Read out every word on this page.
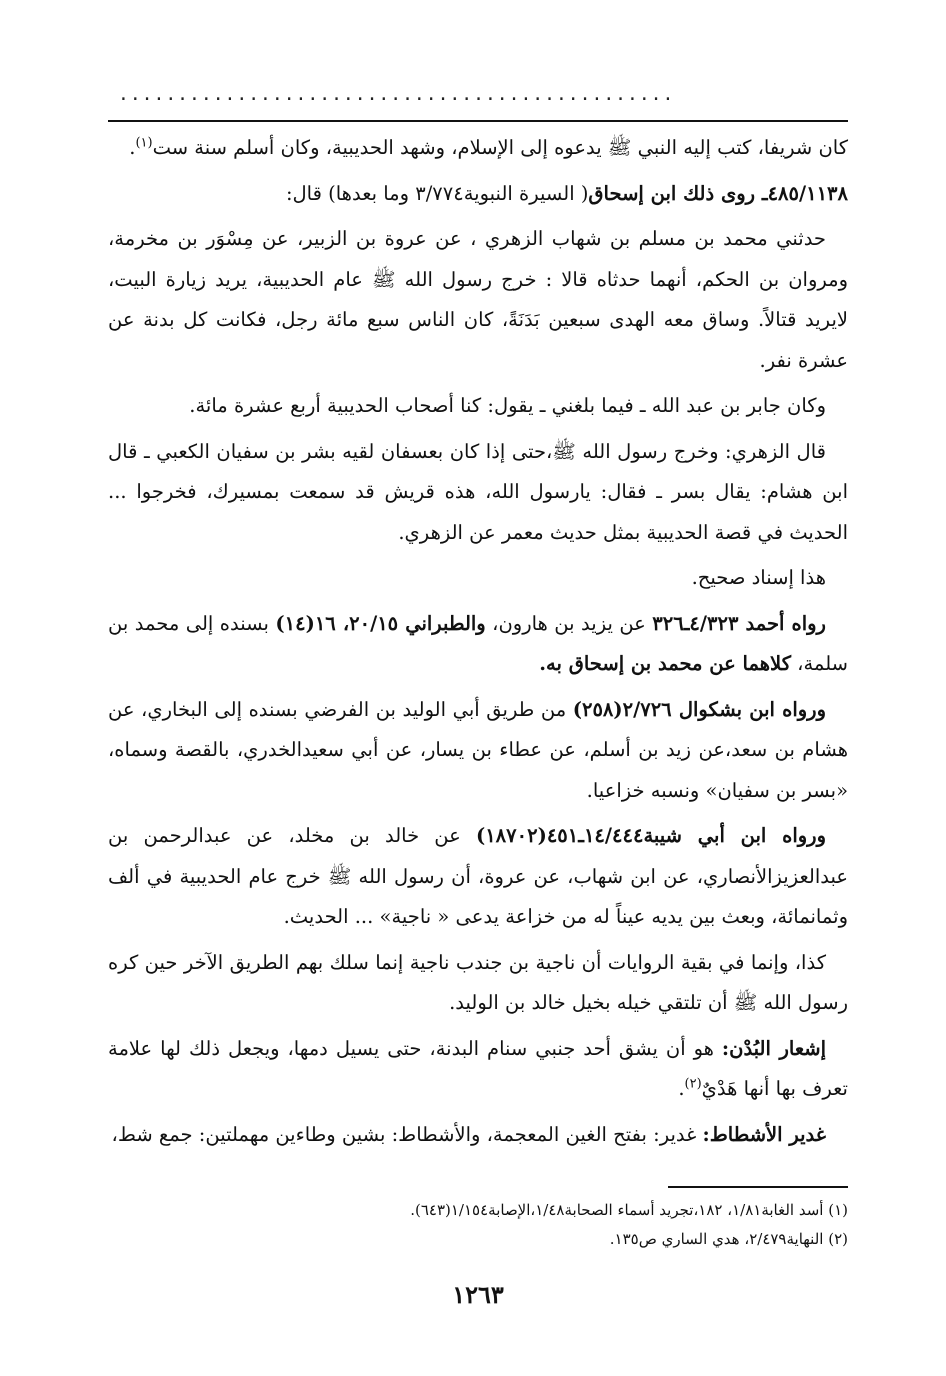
...............................................

كان شريفا، كتب إليه النبي ﷺ يدعوه إلى الإسلام، وشهد الحديبية، وكان أسلم سنة ست$^{(١)}$.

٤٨٥/١١٣٨ـ روى ذلك ابن إسحاق( السيرة النبوية٣/٧٧٤ وما بعدها) قال:

حدثني محمد بن مسلم بن شهاب الزهري ، عن عروة بن الزبير، عن مِسْوَر بن مخرمة، ومروان بن الحكم، أنهما حدثاه قالا : خرج رسول الله ﷺ عام الحديبية، يريد زيارة البيت، لايريد قتالاً. وساق معه الهدى سبعين بَدَنَةً، كان الناس سبع مائة رجل، فكانت كل بدنة عن عشرة نفر.

وكان جابر بن عبد الله ـ فيما بلغني ـ يقول: كنا أصحاب الحديبية أربع عشرة مائة.

قال الزهري: وخرج رسول الله ﷺ،حتى إذا كان بعسفان لقيه بشر بن سفيان الكعبي ـ قال ابن هشام: يقال بسر ـ فقال: يارسول الله، هذه قريش قد سمعت بمسيرك، فخرجوا ... الحديث في قصة الحديبية بمثل حديث معمر عن الزهري.

هذا إسناد صحيح.

رواه أحمد ٤/٣٢٣ـ٣٢٦ عن يزيد بن هارون، والطبراني ٢٠/١٥، ١٦(١٤) بسنده إلى محمد بن سلمة، كلاهما عن محمد بن إسحاق به.

ورواه ابن بشكوال ٢/٧٢٦(٢٥٨) من طريق أبي الوليد بن الفرضي بسنده إلى البخاري، عن هشام بن سعد،عن زيد بن أسلم، عن عطاء بن يسار، عن أبي سعيدالخدري، بالقصة وسماه، «بسر بن سفيان» ونسبه خزاعيا.

ورواه ابن أبي شيبة١٤/٤٤٤ـ٤٥١(١٨٧٠٢) عن خالد بن مخلد، عن عبدالرحمن بن عبدالعزيزالأنصاري، عن ابن شهاب، عن عروة، أن رسول الله ﷺ خرج عام الحديبية في ألف وثمانمائة، وبعث بين يديه عيناً له من خزاعة يدعى « ناجية» ... الحديث.

كذا، وإنما في بقية الروايات أن ناجية بن جندب ناجية إنما سلك بهم الطريق الآخر حين كره رسول الله ﷺ أن تلتقي خيله بخيل خالد بن الوليد.

إشعار البُدْن: هو أن يشق أحد جنبي سنام البدنة، حتى يسيل دمها، ويجعل ذلك لها علامة تعرف بها أنها هَدْيٌ$^{(٢)}$.

غدير الأشطاط: غدير: بفتح الغين المعجمة، والأشطاط: بشين وطاءين مهملتين: جمع شط،

(١) أسد الغابة١/٨١، ١٨٢،تجريد أسماء الصحابة١/٤٨،الإصابة١/١٥٤(٦٤٣).

(٢) النهاية٢/٤٧٩، هدي الساري ص١٣٥.

١٢٦٣
